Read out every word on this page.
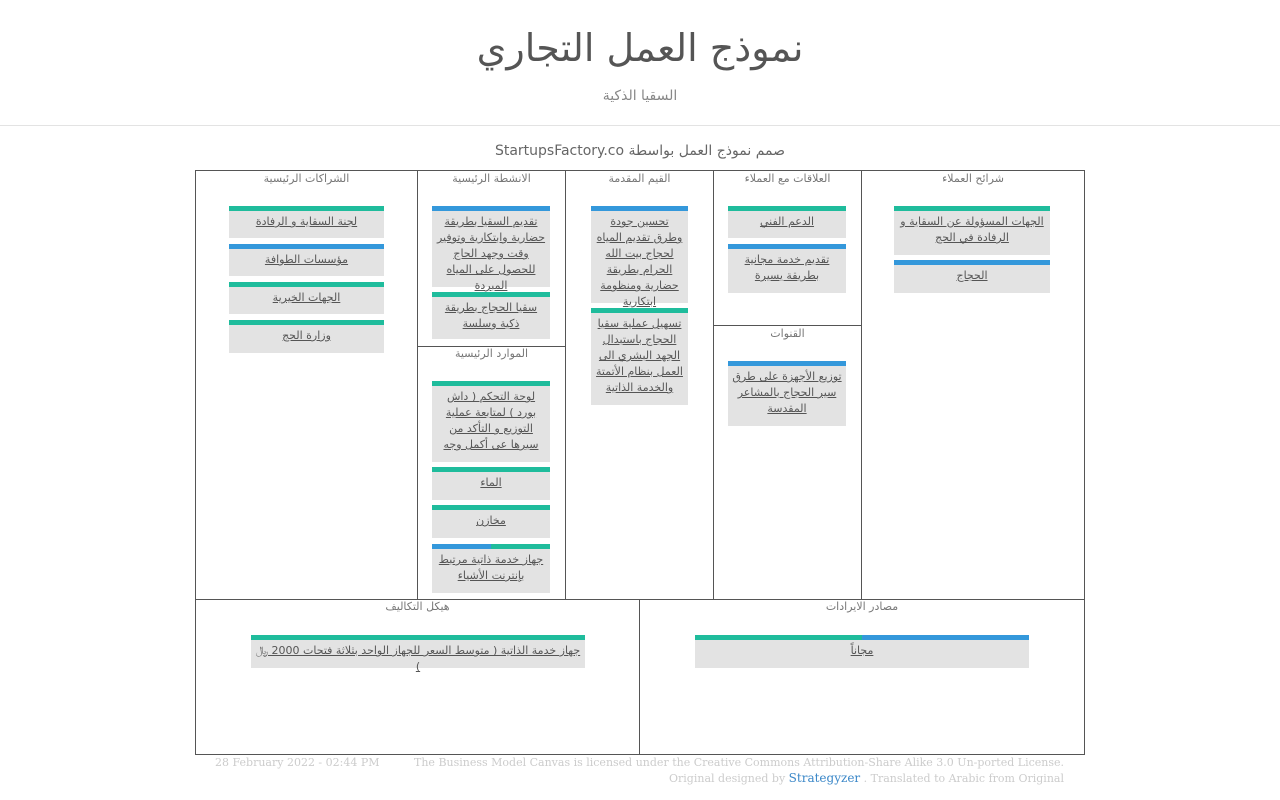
نموذج العمل التجاري
السقيا الذكية
صمم نموذج العمل بواسطة StartupsFactory.co
الشراكات الرئيسية
لجنة السقاية و الرفادة
مؤسسات الطوافة
الجهات الخيرية
وزارة الحج
الانشطة الرئيسية
تقديم السقيا بطريقة حضارية وابتكارية وتوفير وقت وجهد الحاج للحصول على المياه المبردة
سقيا الحجاج بطريقة ذكية وسلسة
الموارد الرئيسية
لوحة التحكم ( داش بورد ) لمتابعة عملية التوزيع و التأكد من سيرها عى أكمل وجه
الماء
مخازن
جهاز خدمة ذاتية مرتبط بإنترنت الأشياء
القيم المقدمة
تحسين جودة وطرق تقديم المياه لحجاج بيت الله الحرام بطريقة حضارية ومنظومة ابتكارية
تسهيل عملية سقيا الحجاج باستبدال الجهد البشري الى العمل بنظام الأتمتة والخدمة الذاتية
العلاقات مع العملاء
الدعم الفني
تقديم خدمة مجانية بطريقة يسيرة
القنوات
توزيع الأجهزة على طرق سير الحجاج بالمشاعر المقدسة
شرائح العملاء
الجهات المسؤولة عن السقاية و الرفادة في الحج
الحجاج
هيكل التكاليف
جهاز خدمة الذاتية ( متوسط السعر للجهاز الواحد بثلاثة فتحات 2000 ﷼ )
مصادر الايرادات
مجاناً
28 February 2022 - 02:44 PM	The Business Model Canvas is licensed under the Creative Commons Attribution-Share Alike 3.0 Un-ported License.
Original designed by Strategyzer . Translated to Arabic from Original
